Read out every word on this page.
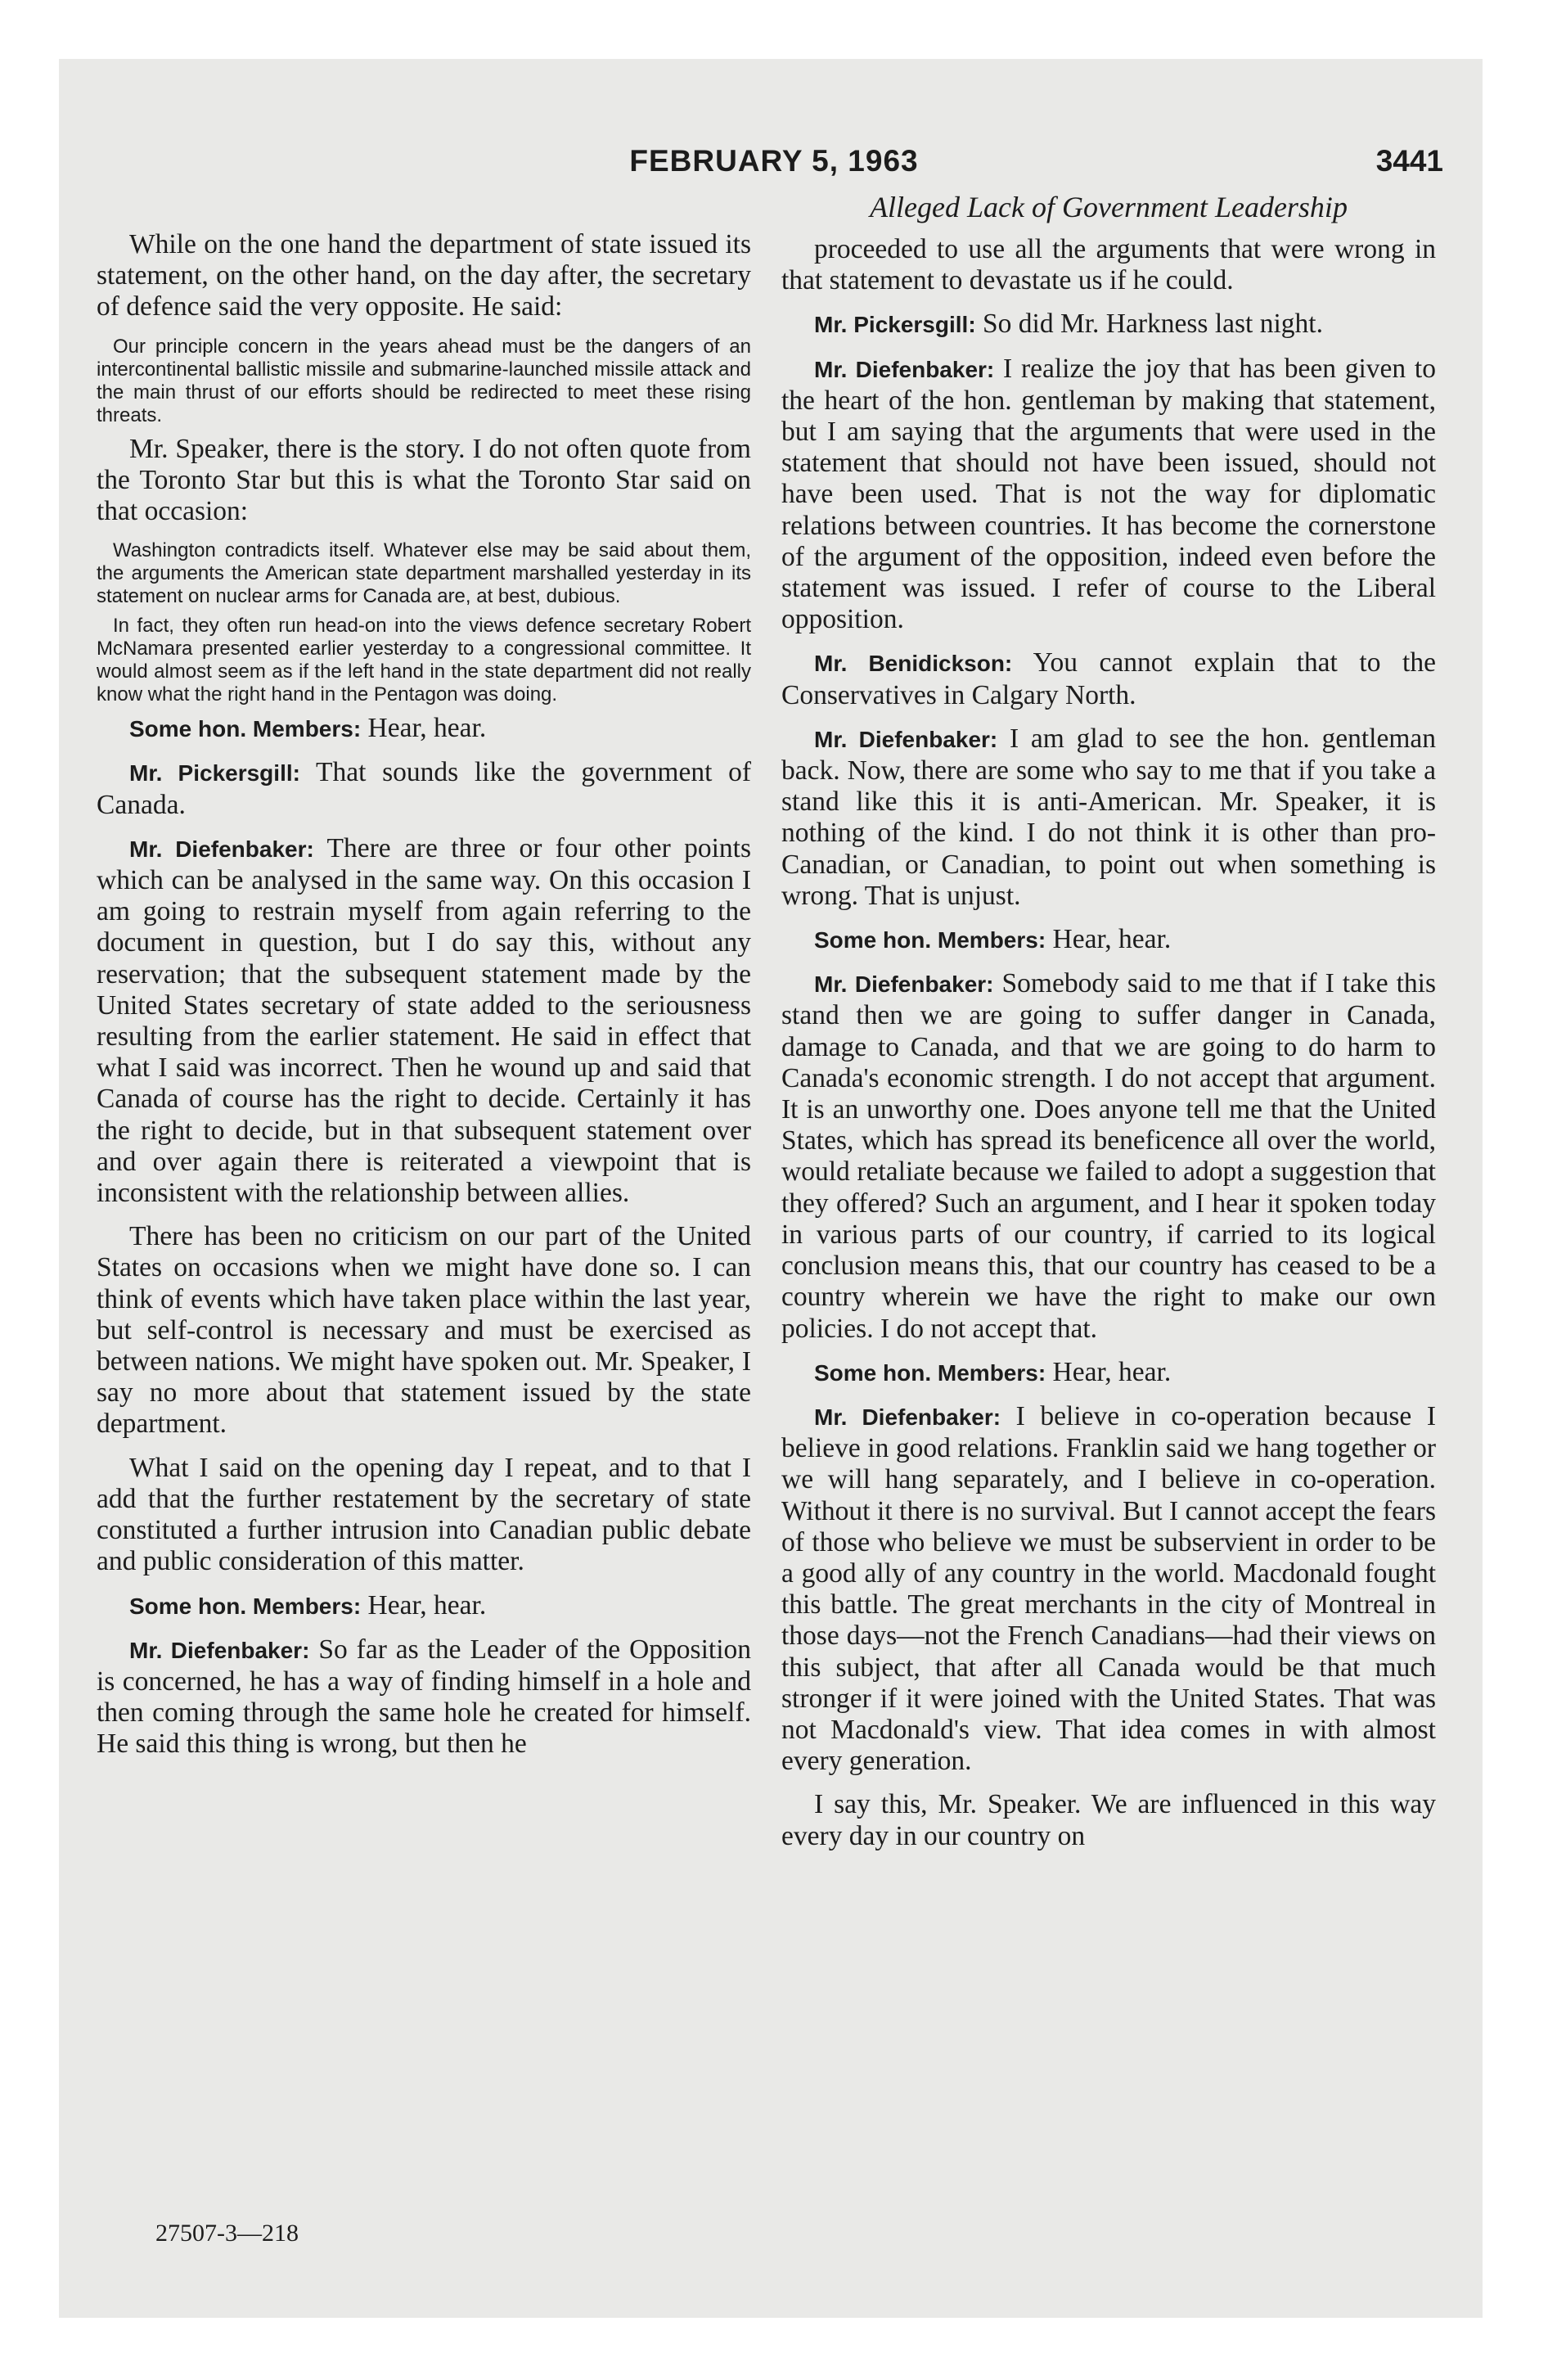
FEBRUARY 5, 1963	3441
Alleged Lack of Government Leadership

While on the one hand the department of state issued its statement, on the other hand, on the day after, the secretary of defence said the very opposite. He said:

Our principle concern in the years ahead must be the dangers of an intercontinental ballistic missile and submarine-launched missile attack and the main thrust of our efforts should be redirected to meet these rising threats.

Mr. Speaker, there is the story. I do not often quote from the Toronto Star but this is what the Toronto Star said on that occasion:

Washington contradicts itself. Whatever else may be said about them, the arguments the American state department marshalled yesterday in its statement on nuclear arms for Canada are, at best, dubious.

In fact, they often run head-on into the views defence secretary Robert McNamara presented earlier yesterday to a congressional committee. It would almost seem as if the left hand in the state department did not really know what the right hand in the Pentagon was doing.

Some hon. Members: Hear, hear.

Mr. Pickersgill: That sounds like the government of Canada.

Mr. Diefenbaker: There are three or four other points which can be analysed in the same way. On this occasion I am going to restrain myself from again referring to the document in question, but I do say this, without any reservation; that the subsequent statement made by the United States secretary of state added to the seriousness resulting from the earlier statement. He said in effect that what I said was incorrect. Then he wound up and said that Canada of course has the right to decide. Certainly it has the right to decide, but in that subsequent statement over and over again there is reiterated a viewpoint that is inconsistent with the relationship between allies.

There has been no criticism on our part of the United States on occasions when we might have done so. I can think of events which have taken place within the last year, but self-control is necessary and must be exercised as between nations. We might have spoken out. Mr. Speaker, I say no more about that statement issued by the state department.

What I said on the opening day I repeat, and to that I add that the further restatement by the secretary of state constituted a further intrusion into Canadian public debate and public consideration of this matter.

Some hon. Members: Hear, hear.

Mr. Diefenbaker: So far as the Leader of the Opposition is concerned, he has a way of finding himself in a hole and then coming through the same hole he created for himself. He said this thing is wrong, but then he

proceeded to use all the arguments that were wrong in that statement to devastate us if he could.

Mr. Pickersgill: So did Mr. Harkness last night.

Mr. Diefenbaker: I realize the joy that has been given to the heart of the hon. gentleman by making that statement, but I am saying that the arguments that were used in the statement that should not have been issued, should not have been used. That is not the way for diplomatic relations between countries. It has become the cornerstone of the argument of the opposition, indeed even before the statement was issued. I refer of course to the Liberal opposition.

Mr. Benidickson: You cannot explain that to the Conservatives in Calgary North.

Mr. Diefenbaker: I am glad to see the hon. gentleman back. Now, there are some who say to me that if you take a stand like this it is anti-American. Mr. Speaker, it is nothing of the kind. I do not think it is other than pro-Canadian, or Canadian, to point out when something is wrong. That is unjust.

Some hon. Members: Hear, hear.

Mr. Diefenbaker: Somebody said to me that if I take this stand then we are going to suffer danger in Canada, damage to Canada, and that we are going to do harm to Canada's economic strength. I do not accept that argument. It is an unworthy one. Does anyone tell me that the United States, which has spread its beneficence all over the world, would retaliate because we failed to adopt a suggestion that they offered? Such an argument, and I hear it spoken today in various parts of our country, if carried to its logical conclusion means this, that our country has ceased to be a country wherein we have the right to make our own policies. I do not accept that.

Some hon. Members: Hear, hear.

Mr. Diefenbaker: I believe in co-operation because I believe in good relations. Franklin said we hang together or we will hang separately, and I believe in co-operation. Without it there is no survival. But I cannot accept the fears of those who believe we must be subservient in order to be a good ally of any country in the world. Macdonald fought this battle. The great merchants in the city of Montreal in those days—not the French Canadians—had their views on this subject, that after all Canada would be that much stronger if it were joined with the United States. That was not Macdonald's view. That idea comes in with almost every generation.

I say this, Mr. Speaker. We are influenced in this way every day in our country on

27507-3—218
